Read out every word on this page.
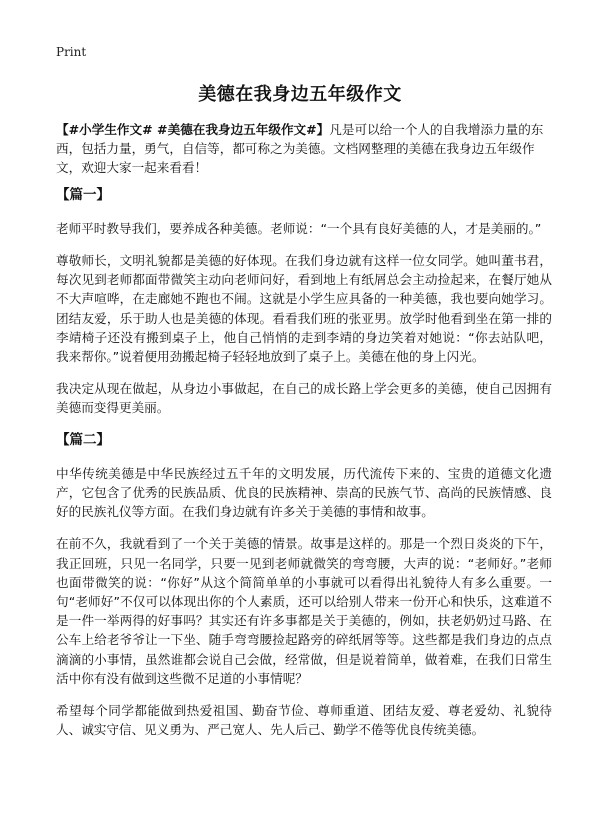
Print
美德在我身边五年级作文

【#小学生作文# #美德在我身边五年级作文#】凡是可以给一个人的自我增添力量的东西，包括力量，勇气，自信等，都可称之为美德。文档网整理的美德在我身边五年级作文，欢迎大家一起来看看！

【篇一】

老师平时教导我们，要养成各种美德。老师说：“一个具有良好美德的人，才是美丽的。”

尊敬师长，文明礼貌都是美德的好体现。在我们身边就有这样一位女同学。她叫董书君，每次见到老师都面带微笑主动向老师问好，看到地上有纸屑总会主动捡起来，在餐厅她从不大声喧哗，在走廊她不跑也不闹。这就是小学生应具备的一种美德，我也要向她学习。团结友爱，乐于助人也是美德的体现。看看我们班的张亚男。放学时他看到坐在第一排的李靖椅子还没有搬到桌子上，他自己悄悄的走到李靖的身边笑着对她说：“你去站队吧，我来帮你。”说着便用劲搬起椅子轻轻地放到了桌子上。美德在他的身上闪光。

我决定从现在做起，从身边小事做起，在自己的成长路上学会更多的美德，使自己因拥有美德而变得更美丽。

【篇二】

中华传统美德是中华民族经过五千年的文明发展，历代流传下来的、宝贵的道德文化遗产，它包含了优秀的民族品质、优良的民族精神、崇高的民族气节、高尚的民族情感、良好的民族礼仪等方面。在我们身边就有许多关于美德的事情和故事。

在前不久，我就看到了一个关于美德的情景。故事是这样的。那是一个烈日炎炎的下午，我正回班，只见一名同学，只要一见到老师就微笑的弯弯腰，大声的说：“老师好。”老师也面带微笑的说：“你好”从这个简简单单的小事就可以看得出礼貌待人有多么重要。一句“老师好”不仅可以体现出你的个人素质，还可以给别人带来一份开心和快乐，这难道不是一件一举两得的好事吗？其实还有许多事都是关于美德的，例如，扶老奶奶过马路、在公车上给老爷爷让一下坐、随手弯弯腰捡起路旁的碎纸屑等等。这些都是我们身边的点点滴滴的小事情，虽然谁都会说自己会做，经常做，但是说着简单，做着难，在我们日常生活中你有没有做到这些微不足道的小事情呢？

希望每个同学都能做到热爱祖国、勤奋节俭、尊师重道、团结友爱、尊老爱幼、礼貌待人、诚实守信、见义勇为、严己宽人、先人后己、勤学不倦等优良传统美德。
